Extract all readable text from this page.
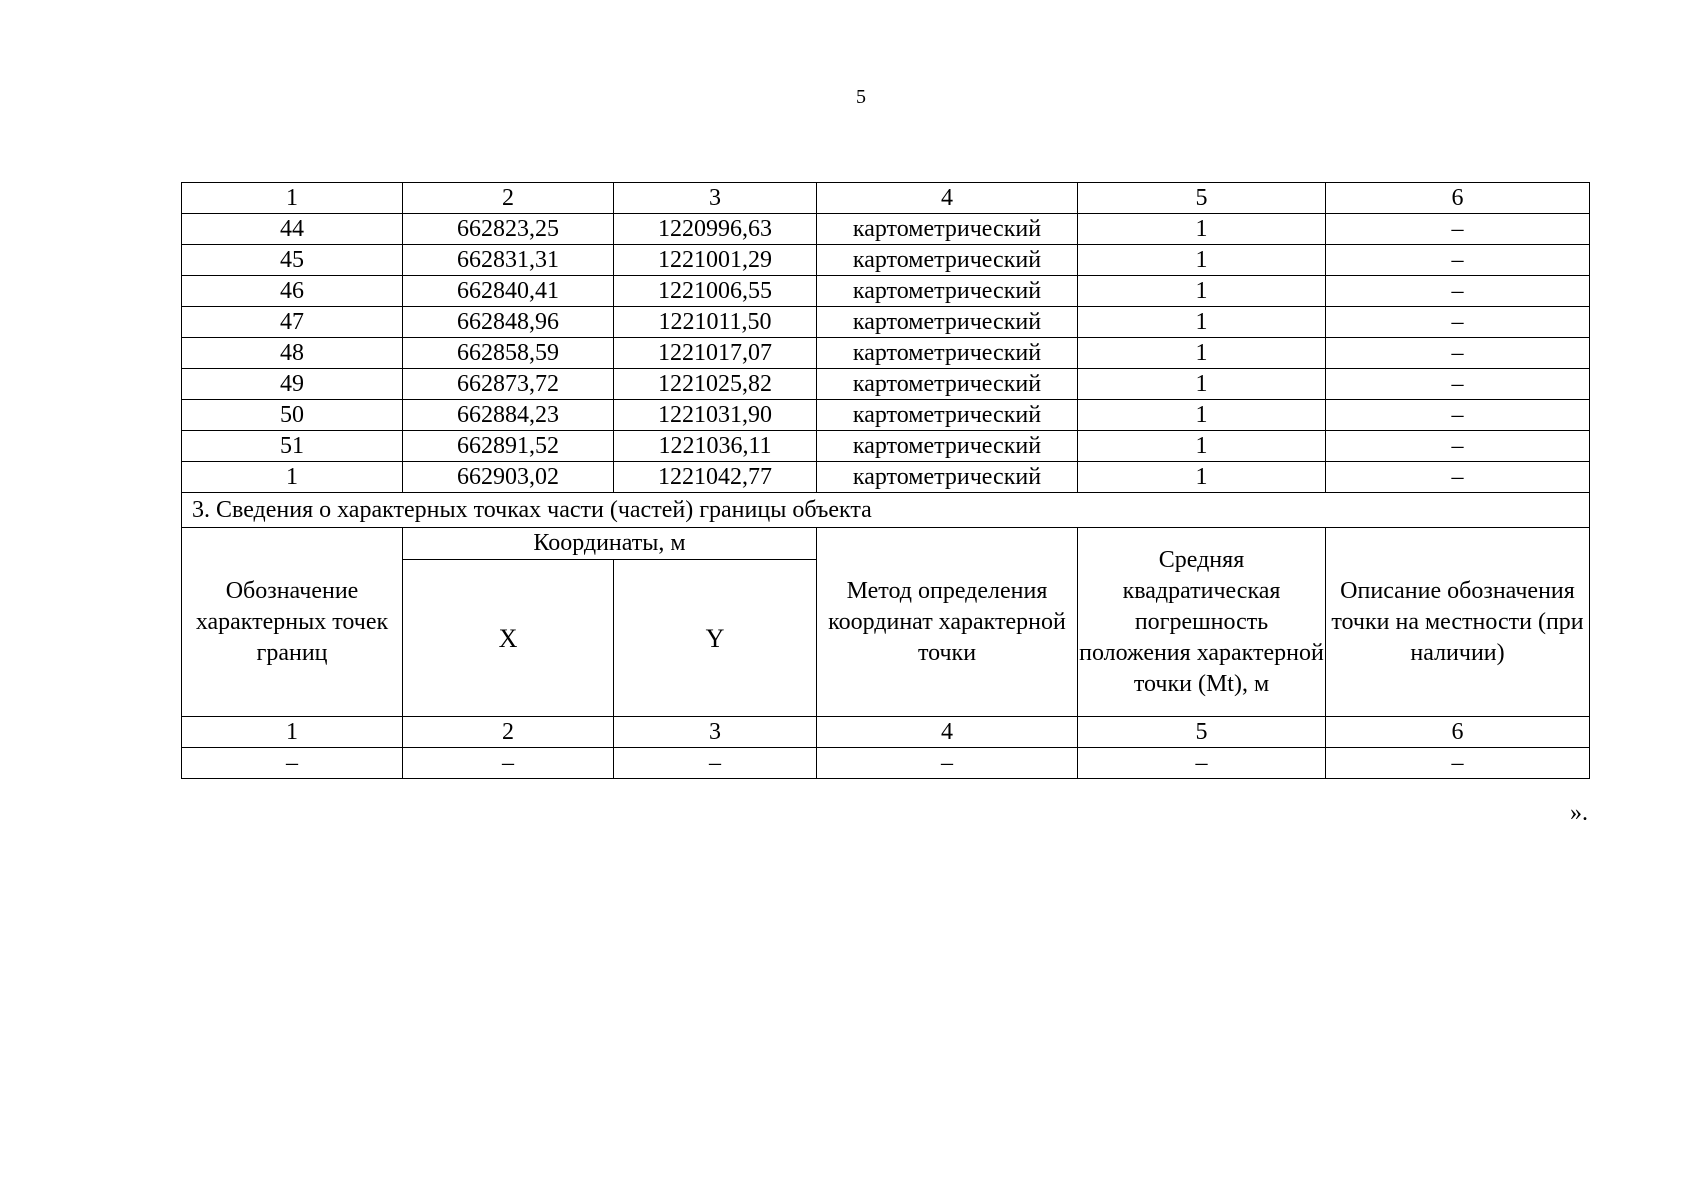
5
1	2	3	4	5	6
44	662823,25	1220996,63	картометрический	1	–
45	662831,31	1221001,29	картометрический	1	–
46	662840,41	1221006,55	картометрический	1	–
47	662848,96	1221011,50	картометрический	1	–
48	662858,59	1221017,07	картометрический	1	–
49	662873,72	1221025,82	картометрический	1	–
50	662884,23	1221031,90	картометрический	1	–
51	662891,52	1221036,11	картометрический	1	–
1	662903,02	1221042,77	картометрический	1	–
3. Сведения о характерных точках части (частей) границы объекта					
Обозначение характерных точек границ	Координаты, м		Метод определения координат характерной точки	Средняя квадратическая погрешность положения характерной точки (Mt), м	Описание обозначения точки на местности (при наличии)
	X	Y			
1	2	3	4	5	6
–	–	–	–	–	–
».
